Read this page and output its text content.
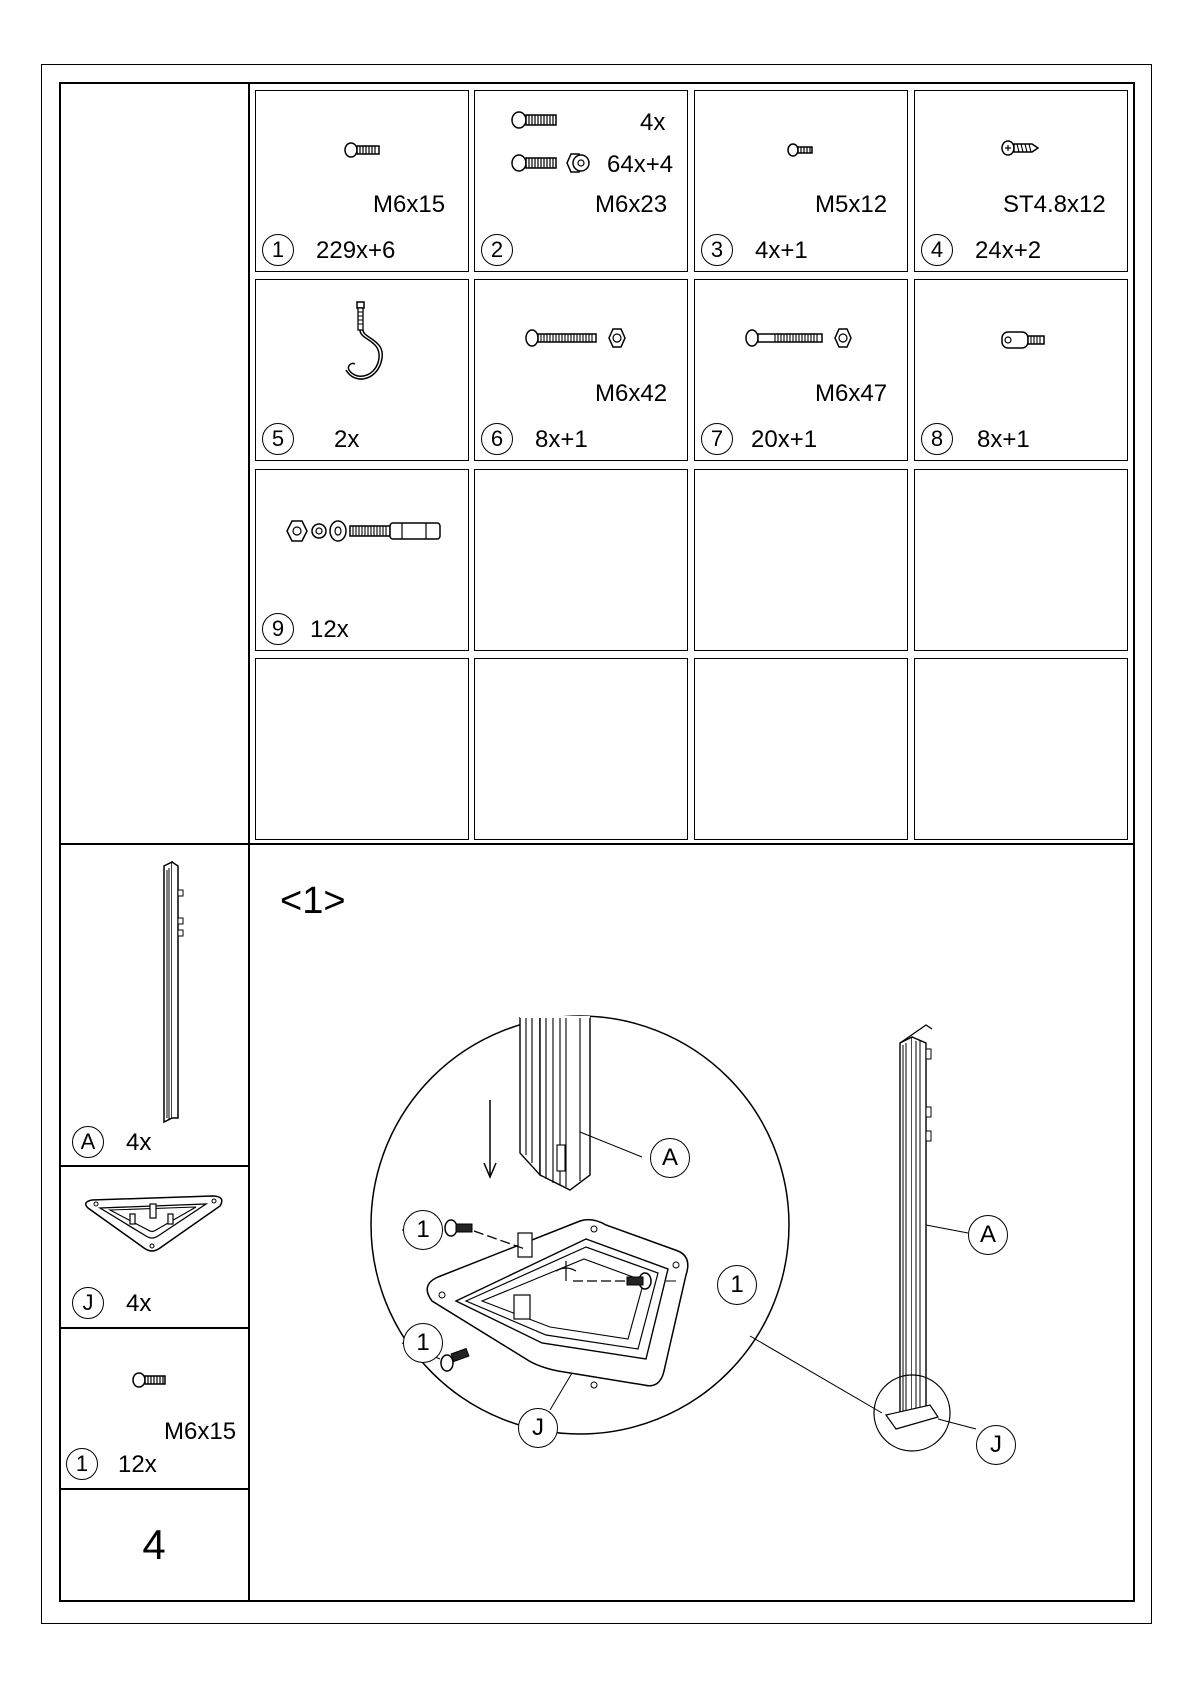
M6x15
1	229x+6
4x
64x+4
M6x23
2
M5x12
3	4x+1
ST4.8x12
4	24x+2
5	2x
M6x42
6	8x+1
M6x47
7	20x+1	8	8x+1
9	12x
A	4x
J	4x
M6x15
1	12x
4
<1>
A
1
1
1
J
A
J
